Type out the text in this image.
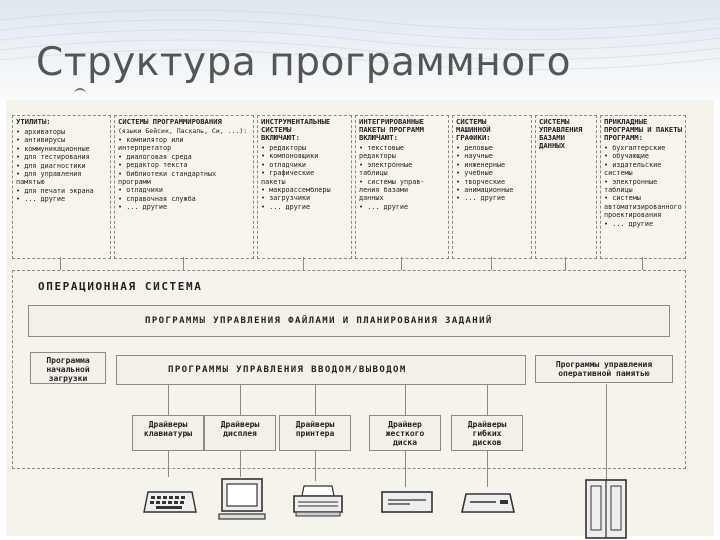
Структура программного
УТИЛИТЫ:
• архиваторы
• антивирусы
• коммуникационные
• для тестирования
• для диагностики
• для управления
памятью
• для печати экрана
• ... другие
СИСТЕМЫ ПРОГРАММИРОВАНИЯ
(языки Бейсик, Паскаль, Си, ...):
• компилятор или
интерпретатор
• диалоговая среда
• редактор текста
• библиотеки стандартных
программ
• отладчики
• справочная служба
• ... другие
ИНСТРУМЕНТАЛЬНЫЕ
СИСТЕМЫ
ВКЛЮЧАЮТ:
• редакторы
• компоновщики
• отладчики
• графические
пакеты
• макроассемблеры
• загрузчики
• ... другие
ИНТЕГРИРОВАННЫЕ
ПАКЕТЫ ПРОГРАММ
ВКЛЮЧАЮТ:
• текстовые
редакторы
• электронные
таблицы
• системы управ-
ления базами
данных
• ... другие
СИСТЕМЫ
МАШИННОЙ
ГРАФИКИ:
• деловые
• научные
• инженерные
• учебные
• творческие
• анимационные
• ... другие
СИСТЕМЫ
УПРАВЛЕНИЯ
БАЗАМИ
ДАННЫХ
ПРИКЛАДНЫЕ
ПРОГРАММЫ И ПАКЕТЫ
ПРОГРАММ:
• бухгалтерские
• обучающие
• издательские
системы
• электронные таблицы
• системы
автоматизированного
проектирования
• ... другие
ОПЕРАЦИОННАЯ СИСТЕМА
ПРОГРАММЫ УПРАВЛЕНИЯ ФАЙЛАМИ И ПЛАНИРОВАНИЯ ЗАДАНИЙ
Программа
начальной
загрузки
ПРОГРАММЫ УПРАВЛЕНИЯ ВВОДОМ/ВЫВОДОМ
Программы управления
оперативной памятью
Драйверы
клавиатуры
Драйверы
дисплея
Драйверы
принтера
Драйвер
жесткого
диска
Драйверы
гибких
дисков
